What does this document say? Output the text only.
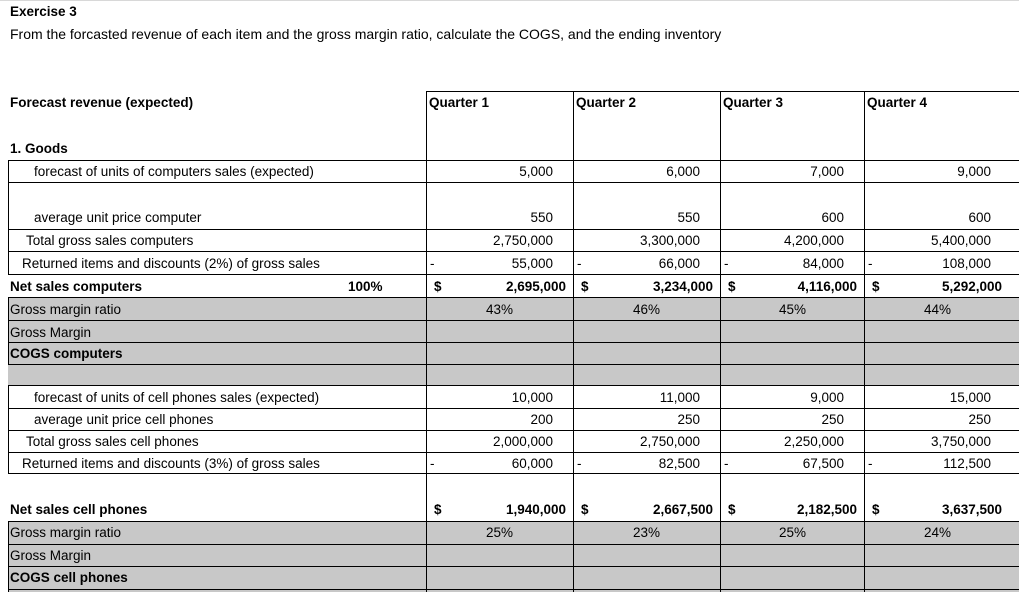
Exercise 3
From the forcasted revenue of each item and the gross margin ratio, calculate the COGS, and the ending inventory
Forecast revenue (expected)	Quarter 1	Quarter 2	Quarter 3	Quarter 4
1. Goods
forecast of units of computers sales (expected)	5,000	6,000	7,000	9,000
average unit price computer	550	550	600	600
Total gross sales computers	2,750,000	3,300,000	4,200,000	5,400,000
Returned items and discounts (2%) of gross sales	-	55,000 -	66,000 -	84,000 -	108,000
Net sales computers	100%	$	2,695,000 $	3,234,000 $	4,116,000 $	5,292,000
Gross margin ratio	43%	46%	45%	44%
Gross Margin
COGS computers
forecast of units of cell phones sales (expected)	10,000	11,000	9,000	15,000
average unit price cell phones	200	250	250	250
Total gross sales cell phones	2,000,000	2,750,000	2,250,000	3,750,000
Returned items and discounts (3%) of gross sales	-	60,000 -	82,500 -	67,500 -	112,500
Net sales cell phones	$	1,940,000 $	2,667,500 $	2,182,500 $	3,637,500
Gross margin ratio	25%	23%	25%	24%
Gross Margin
COGS cell phones
